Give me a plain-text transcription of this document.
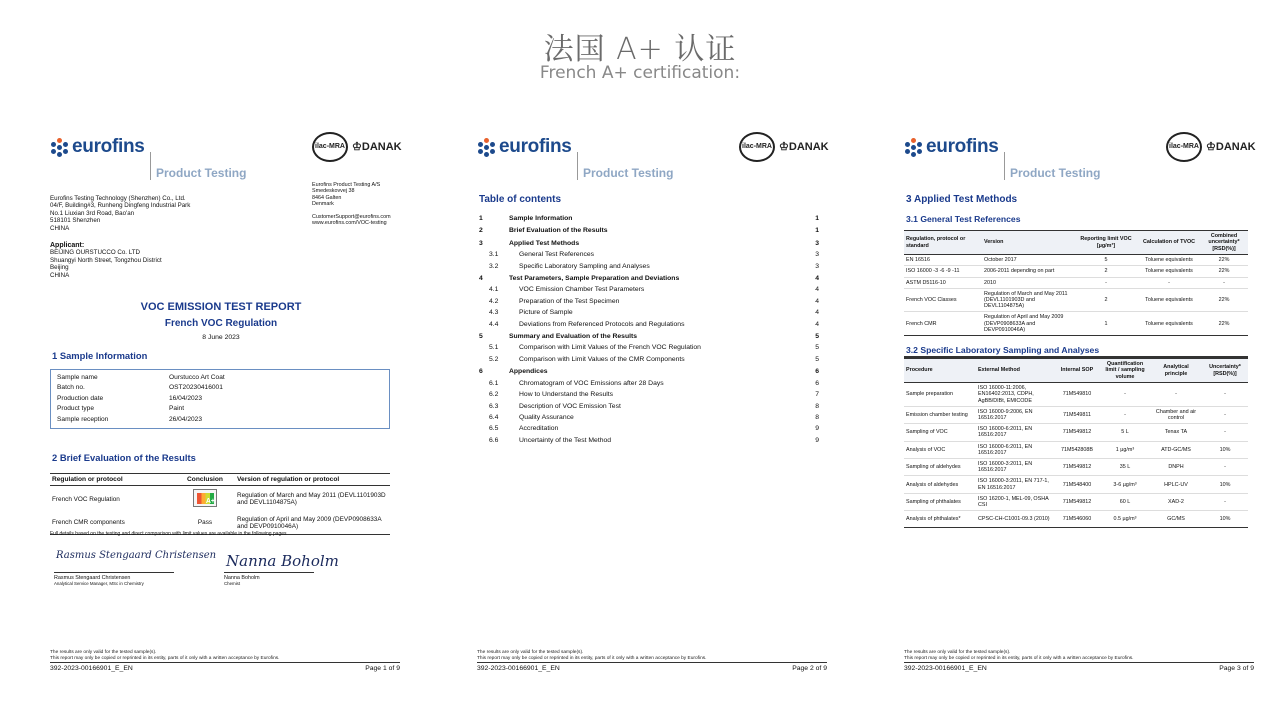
法国 A+ 认证
French A+ certification:
eurofins
Product Testing
ilac-MRA ♔DANAK
Eurofins Product Testing A/S
Smedeskovvej 38
8464 Galten
Denmark

CustomerSupport@eurofins.com
www.eurofins.com/VOC-testing
Eurofins Testing Technology (Shenzhen) Co., Ltd.
04/F, Building#3, Runheng Dingfeng Industrial Park
No.1 Liuxian 3rd Road, Bao'an
518101 Shenzhen
CHINA
Applicant:
BEIJING OURSTUCCO Co. LTD
Shuangyi North Street, Tongzhou District
Beijing
CHINA
VOC EMISSION TEST REPORT
French VOC Regulation
8 June 2023
1 Sample Information
Sample name	Ourstucco Art Coat
Batch no.	OST20230416001
Production date	16/04/2023
Product type	Paint
Sample reception	26/04/2023
2 Brief Evaluation of the Results
Regulation or protocol	Conclusion	Version of regulation or protocol
French VOC Regulation	A+	Regulation of March and May 2011 (DEVL1101903D and DEVL1104875A)
French CMR components	Pass	Regulation of April and May 2009 (DEVP0908633A and DEVP0910046A)
Full details based on the testing and direct comparison with limit values are available in the following pages
Rasmus Stengaard Christensen
Rasmus Stengaard Christensen
Analytical Service Manager, MSc in Chemistry
Nanna Boholm
Nanna Boholm
Chemist
The results are only valid for the tested sample(s).
This report may only be copied or reprinted in its entity, parts of it only with a written acceptance by Eurofins.
392-2023-00166901_E_EN	Page 1 of 9
eurofins
Product Testing
ilac-MRA ♔DANAK
Table of contents
1	Sample Information	1
2	Brief Evaluation of the Results	1
3	Applied Test Methods	3
3.1	General Test References	3
3.2	Specific Laboratory Sampling and Analyses	3
4	Test Parameters, Sample Preparation and Deviations	4
4.1	VOC Emission Chamber Test Parameters	4
4.2	Preparation of the Test Specimen	4
4.3	Picture of Sample	4
4.4	Deviations from Referenced Protocols and Regulations	4
5	Summary and Evaluation of the Results	5
5.1	Comparison with Limit Values of the French VOC Regulation	5
5.2	Comparison with Limit Values of the CMR Components	5
6	Appendices	6
6.1	Chromatogram of VOC Emissions after 28 Days	6
6.2	How to Understand the Results	7
6.3	Description of VOC Emission Test	8
6.4	Quality Assurance	8
6.5	Accreditation	9
6.6	Uncertainty of the Test Method	9
The results are only valid for the tested sample(s).
This report may only be copied or reprinted in its entity, parts of it only with a written acceptance by Eurofins.
392-2023-00166901_E_EN	Page 2 of 9
eurofins
Product Testing
ilac-MRA ♔DANAK
3 Applied Test Methods
3.1 General Test References
Regulation, protocol or standard	Version	Reporting limit VOC [µg/m³]	Calculation of TVOC	Combined uncertainty* [RSD(%)]
EN 16516	October 2017	5	Toluene equivalents	22%
ISO 16000 -3 -6 -9 -11	2006-2011 depending on part	2	Toluene equivalents	22%
ASTM D5116-10	2010	-	-	-
French VOC Classes	Regulation of March and May 2011 (DEVL1101903D and DEVL1104875A)	2	Toluene equivalents	22%
French CMR	Regulation of April and May 2009 (DEVP0908633A and DEVP0910046A)	1	Toluene equivalents	22%
3.2 Specific Laboratory Sampling and Analyses
Procedure	External Method	Internal SOP	Quantification limit / sampling volume	Analytical principle	Uncertainty* [RSD(%)]
Sample preparation	ISO 16000-11:2006, EN16402:2013, CDPH, AgBB/DIBt, EMICODE	71M549810	-	-	-
Emission chamber testing	ISO 16000-9:2006, EN 16516:2017	71M549811	-	Chamber and air control	-
Sampling of VOC	ISO 16000-6:2011, EN 16516:2017	71M549812	5 L	Tenax TA	-
Analysis of VOC	ISO 16000-6:2011, EN 16516:2017	71M542808B	1 µg/m³	ATD-GC/MS	10%
Sampling of aldehydes	ISO 16000-3:2011, EN 16516:2017	71M549812	35 L	DNPH	-
Analysis of aldehydes	ISO 16000-3:2011, EN 717-1, EN 16516:2017	71M548400	3-6 µg/m³	HPLC-UV	10%
Sampling of phthalates	ISO 16200-1, MEL-09, OSHA CSI	71M549812	60 L	XAD-2	-
Analysis of phthalates*	CPSC-CH-C1001-09.3 (2010)	71M546060	0.5 µg/m³	GC/MS	10%
The results are only valid for the tested sample(s).
This report may only be copied or reprinted in its entity, parts of it only with a written acceptance by Eurofins.
392-2023-00166901_E_EN	Page 3 of 9
